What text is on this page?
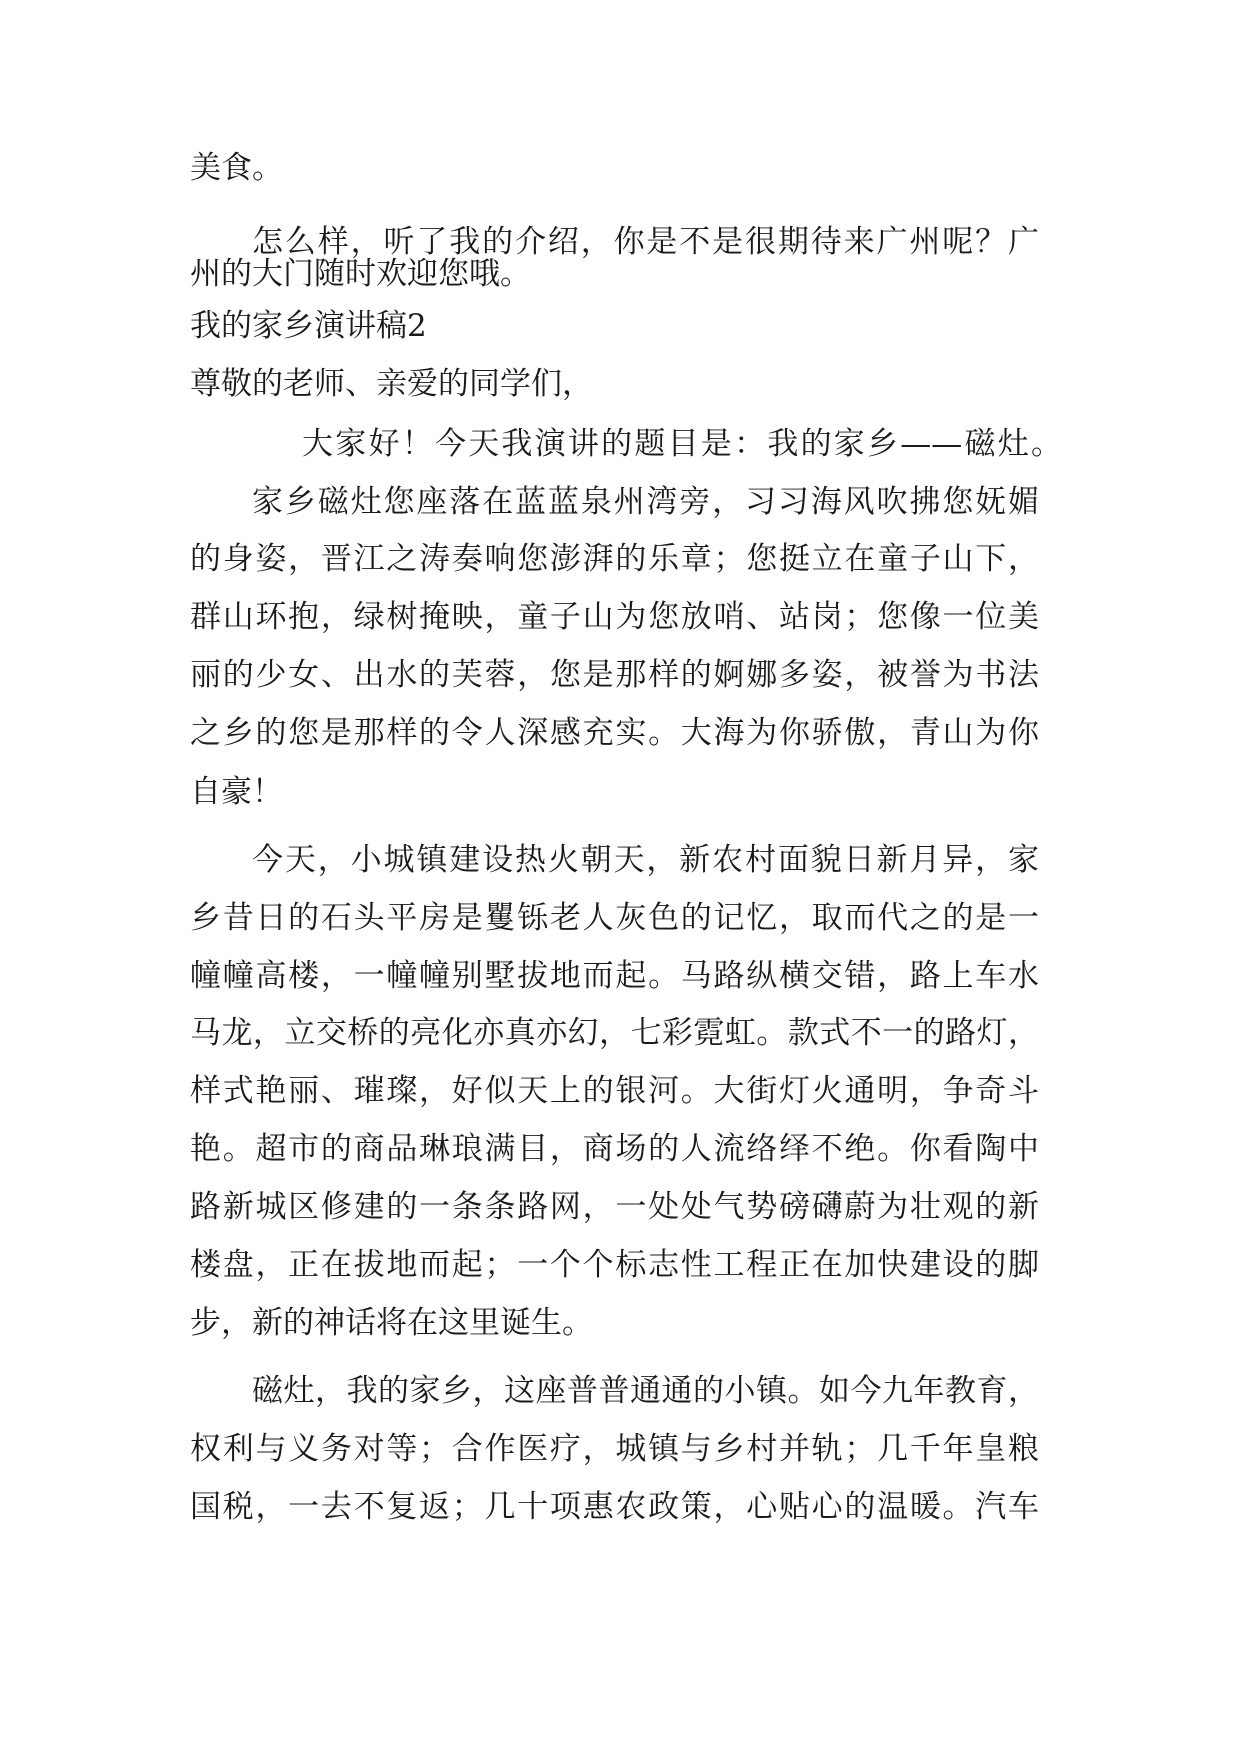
美食。
怎么样，听了我的介绍，你是不是很期待来广州呢？广
州的大门随时欢迎您哦。
我的家乡演讲稿2
尊敬的老师、亲爱的同学们，
大家好！今天我演讲的题目是：我的家乡——磁灶。
家乡磁灶您座落在蓝蓝泉州湾旁，习习海风吹拂您妩媚
的身姿，晋江之涛奏响您澎湃的乐章；您挺立在童子山下，
群山环抱，绿树掩映，童子山为您放哨、站岗；您像一位美
丽的少女、出水的芙蓉，您是那样的婀娜多姿，被誉为书法
之乡的您是那样的令人深感充实。大海为你骄傲，青山为你
自豪！
今天，小城镇建设热火朝天，新农村面貌日新月异，家
乡昔日的石头平房是矍铄老人灰色的记忆，取而代之的是一
幢幢高楼，一幢幢别墅拔地而起。马路纵横交错，路上车水
马龙，立交桥的亮化亦真亦幻，七彩霓虹。款式不一的路灯，
样式艳丽、璀璨，好似天上的银河。大街灯火通明，争奇斗
艳。超市的商品琳琅满目，商场的人流络绎不绝。你看陶中
路新城区修建的一条条路网，一处处气势磅礴蔚为壮观的新
楼盘，正在拔地而起；一个个标志性工程正在加快建设的脚
步，新的神话将在这里诞生。
磁灶，我的家乡，这座普普通通的小镇。如今九年教育，
权利与义务对等；合作医疗，城镇与乡村并轨；几千年皇粮
国税，一去不复返；几十项惠农政策，心贴心的温暖。汽车
